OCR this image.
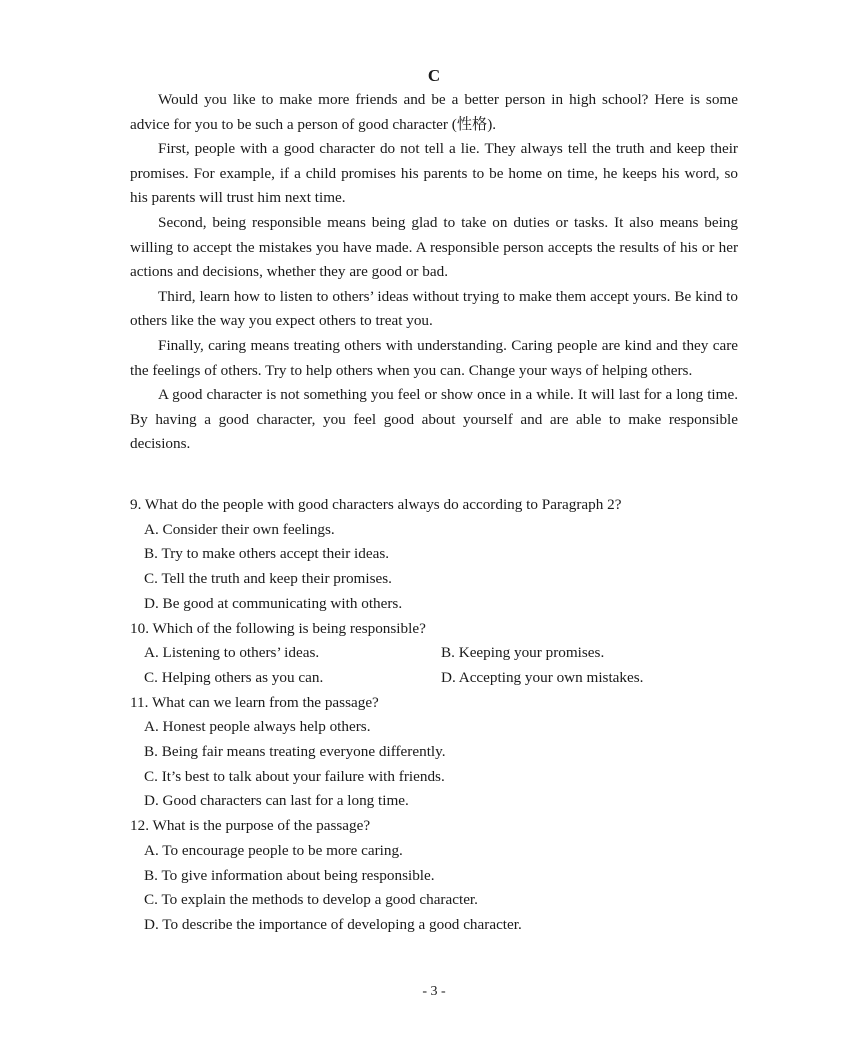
C

Would you like to make more friends and be a better person in high school? Here is some advice for you to be such a person of good character (性格).

First, people with a good character do not tell a lie. They always tell the truth and keep their promises. For example, if a child promises his parents to be home on time, he keeps his word, so his parents will trust him next time.

Second, being responsible means being glad to take on duties or tasks. It also means being willing to accept the mistakes you have made. A responsible person accepts the results of his or her actions and decisions, whether they are good or bad.

Third, learn how to listen to others’ ideas without trying to make them accept yours. Be kind to others like the way you expect others to treat you.

Finally, caring means treating others with understanding. Caring people are kind and they care the feelings of others. Try to help others when you can. Change your ways of helping others.

A good character is not something you feel or show once in a while. It will last for a long time. By having a good character, you feel good about yourself and are able to make responsible decisions.

9. What do the people with good characters always do according to Paragraph 2?

A. Consider their own feelings.

B. Try to make others accept their ideas.

C. Tell the truth and keep their promises.

D. Be good at communicating with others.

10. Which of the following is being responsible?

A. Listening to others’ ideas.	B. Keeping your promises.

C. Helping others as you can.	D. Accepting your own mistakes.

11. What can we learn from the passage?

A. Honest people always help others.

B. Being fair means treating everyone differently.

C. It’s best to talk about your failure with friends.

D. Good characters can last for a long time.

12. What is the purpose of the passage?

A. To encourage people to be more caring.

B. To give information about being responsible.

C. To explain the methods to develop a good character.

D. To describe the importance of developing a good character.

- 3 -
